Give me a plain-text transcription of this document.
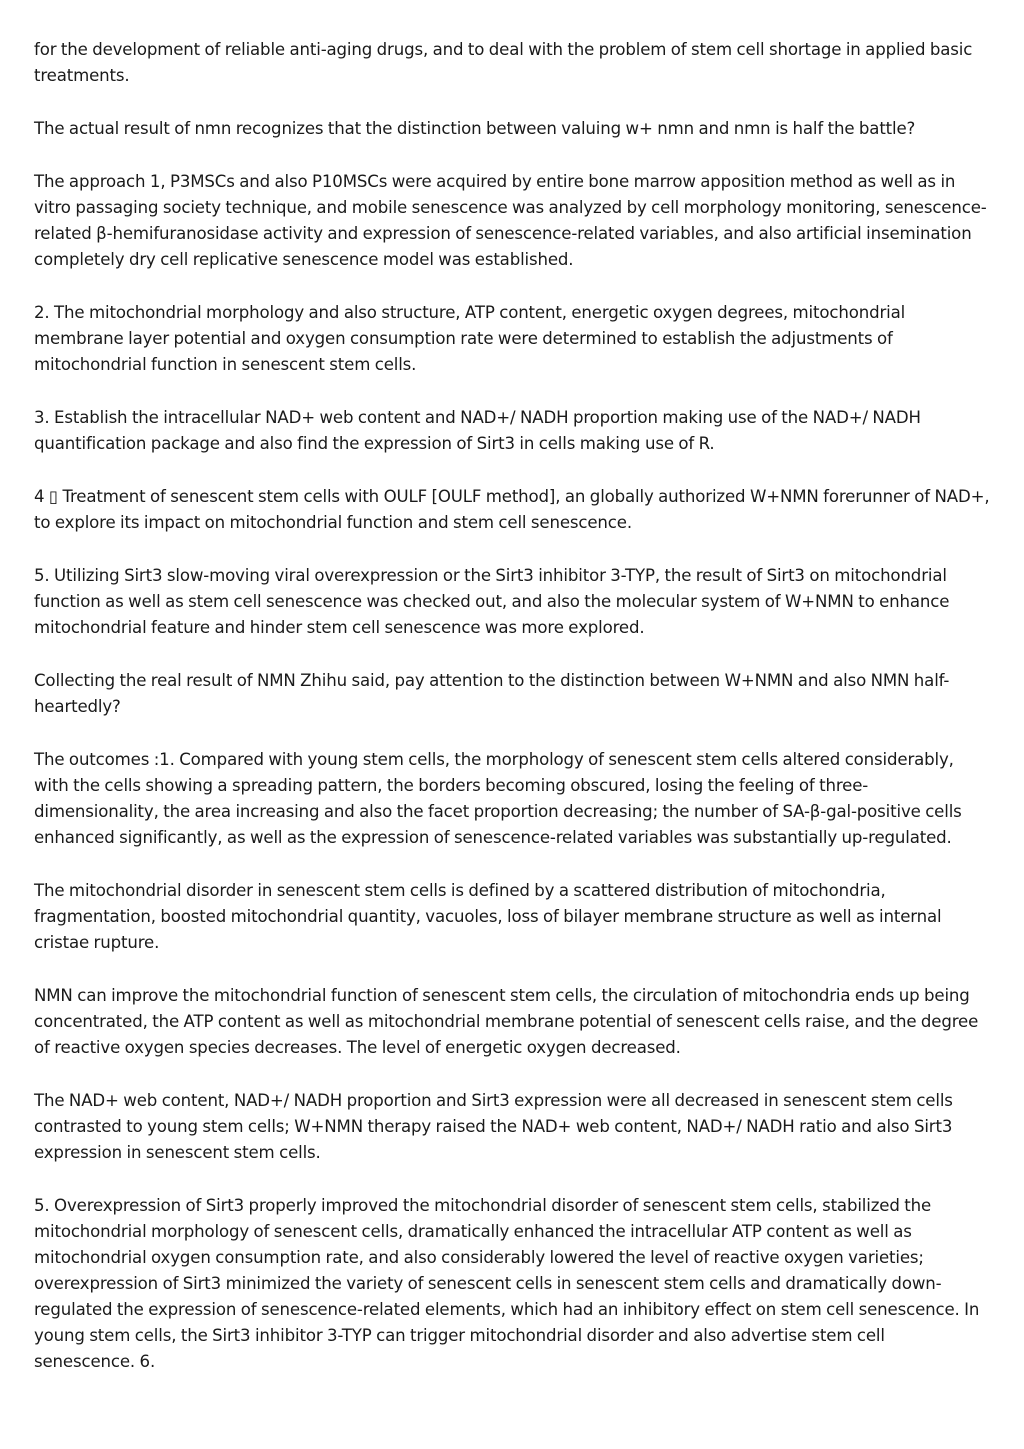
for the development of reliable anti-aging drugs, and to deal with the problem of stem cell shortage in applied basic treatments.

The actual result of nmn recognizes that the distinction between valuing w+ nmn and nmn is half the battle?

The approach 1, P3MSCs and also P10MSCs were acquired by entire bone marrow apposition method as well as in vitro passaging society technique, and mobile senescence was analyzed by cell morphology monitoring, senescence-related β-hemifuranosidase activity and expression of senescence-related variables, and also artificial insemination completely dry cell replicative senescence model was established.

2. The mitochondrial morphology and also structure, ATP content, energetic oxygen degrees, mitochondrial membrane layer potential and oxygen consumption rate were determined to establish the adjustments of mitochondrial function in senescent stem cells.

3. Establish the intracellular NAD+ web content and NAD+/ NADH proportion making use of the NAD+/ NADH quantification package and also find the expression of Sirt3 in cells making use of R.

4 ▯ Treatment of senescent stem cells with OULF [OULF method], an globally authorized W+NMN forerunner of NAD+, to explore its impact on mitochondrial function and stem cell senescence.

5. Utilizing Sirt3 slow-moving viral overexpression or the Sirt3 inhibitor 3-TYP, the result of Sirt3 on mitochondrial function as well as stem cell senescence was checked out, and also the molecular system of W+NMN to enhance mitochondrial feature and hinder stem cell senescence was more explored.

Collecting the real result of NMN Zhihu said, pay attention to the distinction between W+NMN and also NMN half-heartedly?

The outcomes :1. Compared with young stem cells, the morphology of senescent stem cells altered considerably, with the cells showing a spreading pattern, the borders becoming obscured, losing the feeling of three-dimensionality, the area increasing and also the facet proportion decreasing; the number of SA-β-gal-positive cells enhanced significantly, as well as the expression of senescence-related variables was substantially up-regulated.

The mitochondrial disorder in senescent stem cells is defined by a scattered distribution of mitochondria, fragmentation, boosted mitochondrial quantity, vacuoles, loss of bilayer membrane structure as well as internal cristae rupture.

NMN can improve the mitochondrial function of senescent stem cells, the circulation of mitochondria ends up being concentrated, the ATP content as well as mitochondrial membrane potential of senescent cells raise, and the degree of reactive oxygen species decreases. The level of energetic oxygen decreased.

The NAD+ web content, NAD+/ NADH proportion and Sirt3 expression were all decreased in senescent stem cells contrasted to young stem cells; W+NMN therapy raised the NAD+ web content, NAD+/ NADH ratio and also Sirt3 expression in senescent stem cells.

5. Overexpression of Sirt3 properly improved the mitochondrial disorder of senescent stem cells, stabilized the mitochondrial morphology of senescent cells, dramatically enhanced the intracellular ATP content as well as mitochondrial oxygen consumption rate, and also considerably lowered the level of reactive oxygen varieties; overexpression of Sirt3 minimized the variety of senescent cells in senescent stem cells and dramatically down-regulated the expression of senescence-related elements, which had an inhibitory effect on stem cell senescence. In young stem cells, the Sirt3 inhibitor 3-TYP can trigger mitochondrial disorder and also advertise stem cell senescence. 6.
